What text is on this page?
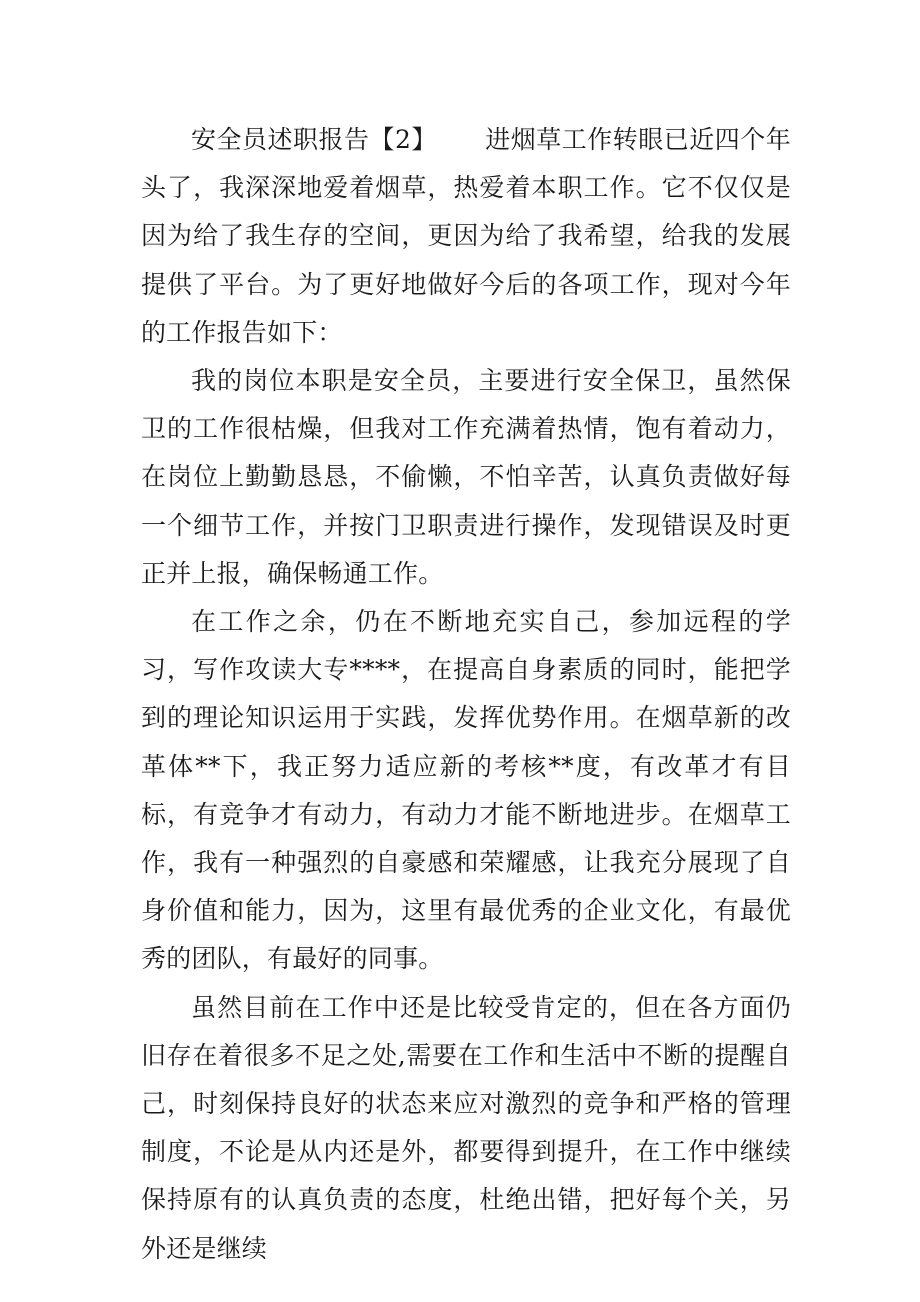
安全员述职报告【2】 进烟草工作转眼已近四个年头了，我深深地爱着烟草，热爱着本职工作。它不仅仅是因为给了我生存的空间，更因为给了我希望，给我的发展提供了平台。为了更好地做好今后的各项工作，现对今年的工作报告如下：

我的岗位本职是安全员，主要进行安全保卫，虽然保卫的工作很枯燥，但我对工作充满着热情，饱有着动力，在岗位上勤勤恳恳，不偷懒，不怕辛苦，认真负责做好每一个细节工作，并按门卫职责进行操作，发现错误及时更正并上报，确保畅通工作。

在工作之余，仍在不断地充实自己，参加远程的学习，写作攻读大专****，在提高自身素质的同时，能把学到的理论知识运用于实践，发挥优势作用。在烟草新的改革体**下，我正努力适应新的考核**度，有改革才有目标，有竞争才有动力，有动力才能不断地进步。在烟草工作，我有一种强烈的自豪感和荣耀感，让我充分展现了自身价值和能力，因为，这里有最优秀的企业文化，有最优秀的团队，有最好的同事。

虽然目前在工作中还是比较受肯定的，但在各方面仍旧存在着很多不足之处,需要在工作和生活中不断的提醒自己，时刻保持良好的状态来应对激烈的竞争和严格的管理制度，不论是从内还是外，都要得到提升，在工作中继续保持原有的认真负责的态度，杜绝出错，把好每个关，另外还是继续
